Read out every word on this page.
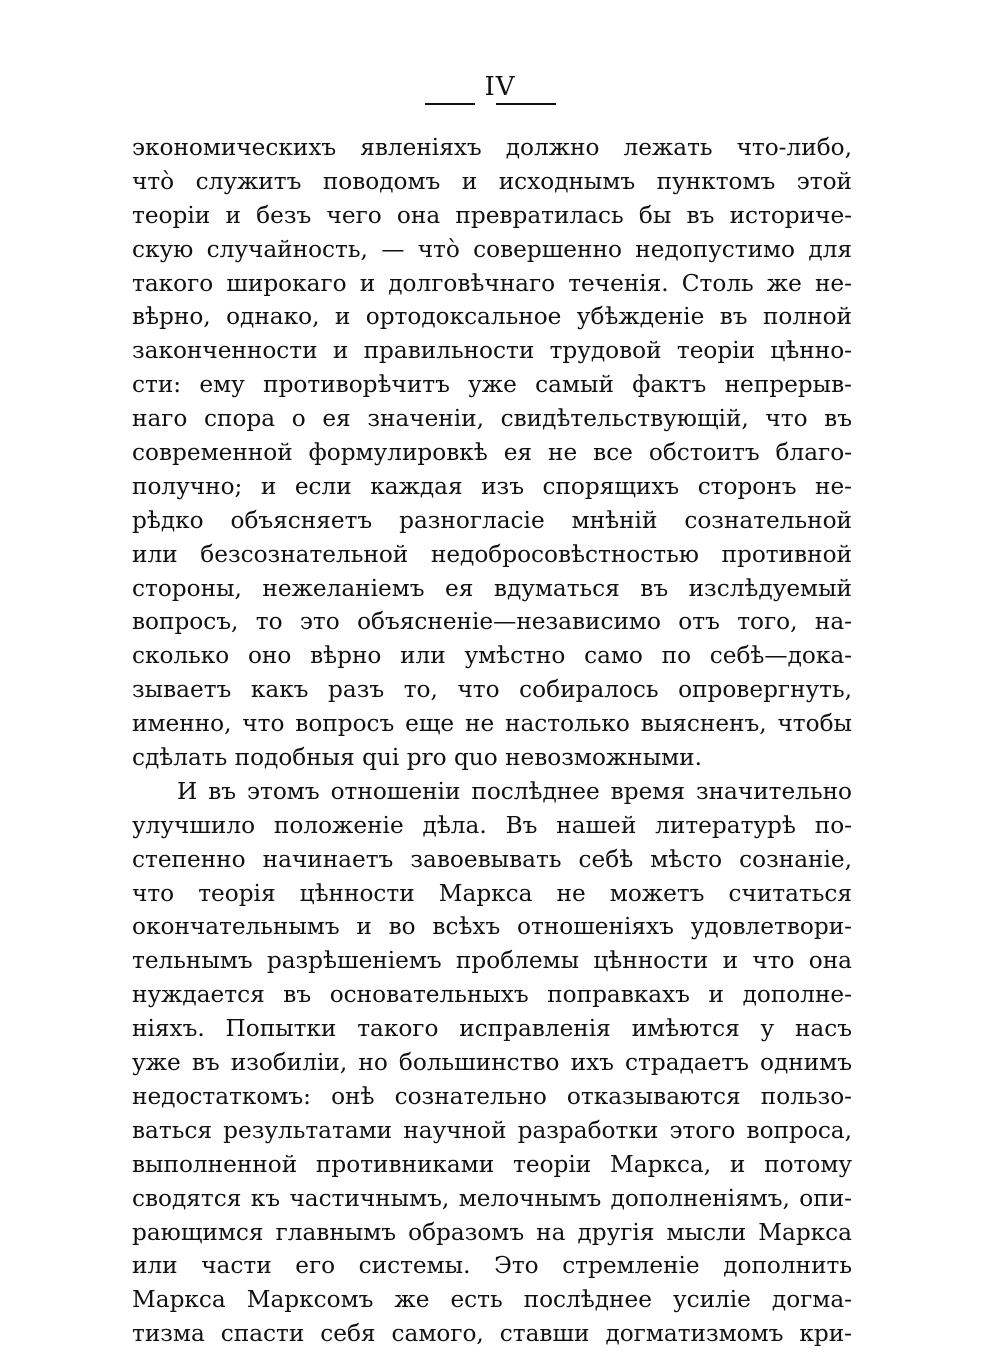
IV
экономическихъ явленіяхъ должно лежать что-либо,
что̀ служитъ поводомъ и исходнымъ пунктомъ этой
теоріи и безъ чего она превратилась бы въ историче-
скую случайность, — что̀ совершенно недопустимо для
такого широкаго и долговѣчнаго теченія. Столь же не-
вѣрно, однако, и ортодоксальное убѣжденіе въ полной
законченности и правильности трудовой теоріи цѣнно-
сти: ему противорѣчитъ уже самый фактъ непрерыв-
наго спора о ея значеніи, свидѣтельствующій, что въ
современной формулировкѣ ея не все обстоитъ благо-
получно; и если каждая изъ спорящихъ сторонъ не-
рѣдко объясняетъ разногласіе мнѣній сознательной
или безсознательной недобросовѣстностью противной
стороны, нежеланіемъ ея вдуматься въ изслѣдуемый
вопросъ, то это объясненіе—независимо отъ того, на-
сколько оно вѣрно или умѣстно само по себѣ—дока-
зываетъ какъ разъ то, что собиралось опровергнуть,
именно, что вопросъ еще не настолько выясненъ, чтобы
сдѣлать подобныя qui pro quo невозможными.
И въ этомъ отношеніи послѣднее время значительно
улучшило положеніе дѣла. Въ нашей литературѣ по-
степенно начинаетъ завоевывать себѣ мѣсто сознаніе,
что теорія цѣнности Маркса не можетъ считаться
окончательнымъ и во всѣхъ отношеніяхъ удовлетвори-
тельнымъ разрѣшеніемъ проблемы цѣнности и что она
нуждается въ основательныхъ поправкахъ и дополне-
ніяхъ. Попытки такого исправленія имѣются у насъ
уже въ изобиліи, но большинство ихъ страдаетъ однимъ
недостаткомъ: онѣ сознательно отказываются пользо-
ваться результатами научной разработки этого вопроса,
выполненной противниками теоріи Маркса, и потому
сводятся къ частичнымъ, мелочнымъ дополненіямъ, опи-
рающимся главнымъ образомъ на другія мысли Маркса
или части его системы. Это стремленіе дополнить
Маркса Марксомъ же есть послѣднее усиліе догма-
тизма спасти себя самого, ставши догматизмомъ кри-
